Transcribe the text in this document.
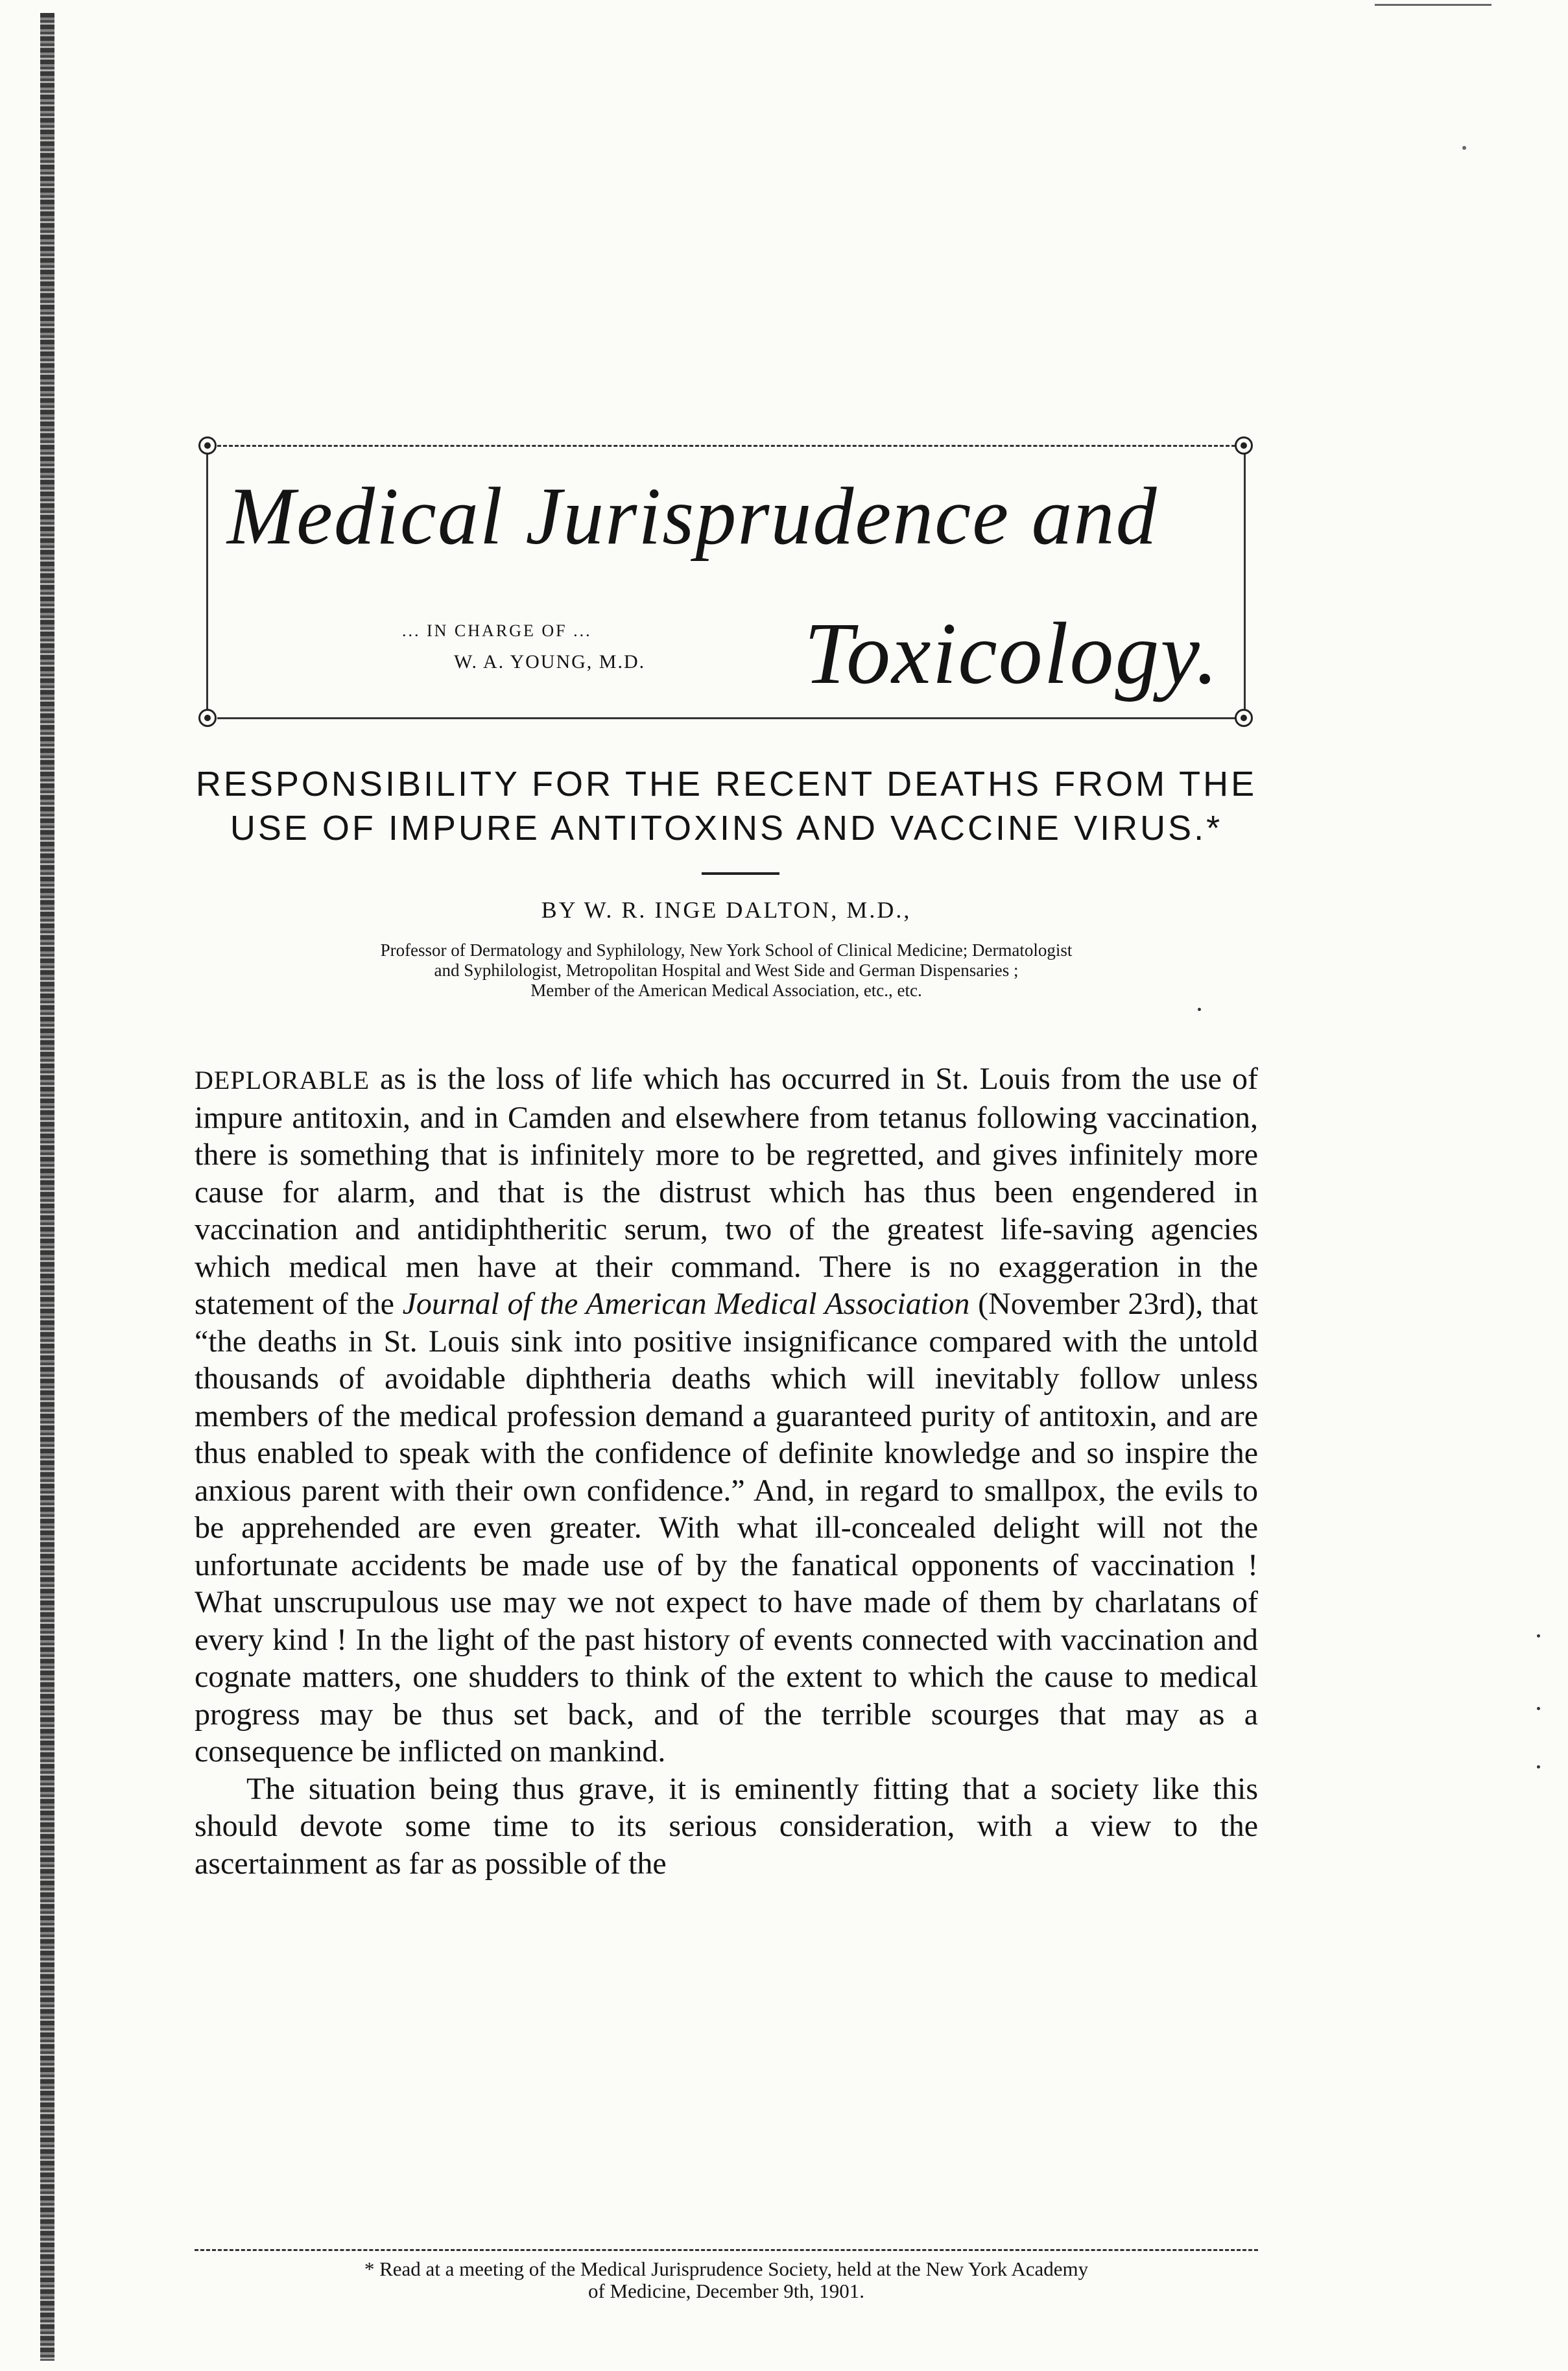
Medical Jurisprudence and
Toxicology.
... IN CHARGE OF ...
W. A. YOUNG, M.D.
RESPONSIBILITY FOR THE RECENT DEATHS FROM THE
USE OF IMPURE ANTITOXINS AND VACCINE VIRUS.*
BY W. R. INGE DALTON, M.D.,
Professor of Dermatology and Syphilology, New York School of Clinical Medicine; Dermatologist
and Syphilologist, Metropolitan Hospital and West Side and German Dispensaries ;
Member of the American Medical Association, etc., etc.

DEPLORABLE as is the loss of life which has occurred in St. Louis from the use of impure antitoxin, and in Camden and elsewhere from tetanus following vaccination, there is something that is infinitely more to be regretted, and gives infinitely more cause for alarm, and that is the distrust which has thus been engendered in vaccination and antidiphtheritic serum, two of the greatest life-saving agencies which medical men have at their command. There is no exaggeration in the statement of the Journal of the American Medical Association (November 23rd), that “the deaths in St. Louis sink into positive insignificance compared with the untold thousands of avoidable diphtheria deaths which will inevitably follow unless members of the medical profession demand a guaranteed purity of antitoxin, and are thus enabled to speak with the confidence of definite knowledge and so inspire the anxious parent with their own confidence.” And, in regard to smallpox, the evils to be apprehended are even greater. With what ill-concealed delight will not the unfortunate accidents be made use of by the fanatical opponents of vaccination ! What unscrupulous use may we not expect to have made of them by charlatans of every kind ! In the light of the past history of events connected with vaccination and cognate matters, one shudders to think of the extent to which the cause to medical progress may be thus set back, and of the terrible scourges that may as a consequence be inflicted on mankind.

The situation being thus grave, it is eminently fitting that a society like this should devote some time to its serious consideration, with a view to the ascertainment as far as possible of the

* Read at a meeting of the Medical Jurisprudence Society, held at the New York Academy
of Medicine, December 9th, 1901.
